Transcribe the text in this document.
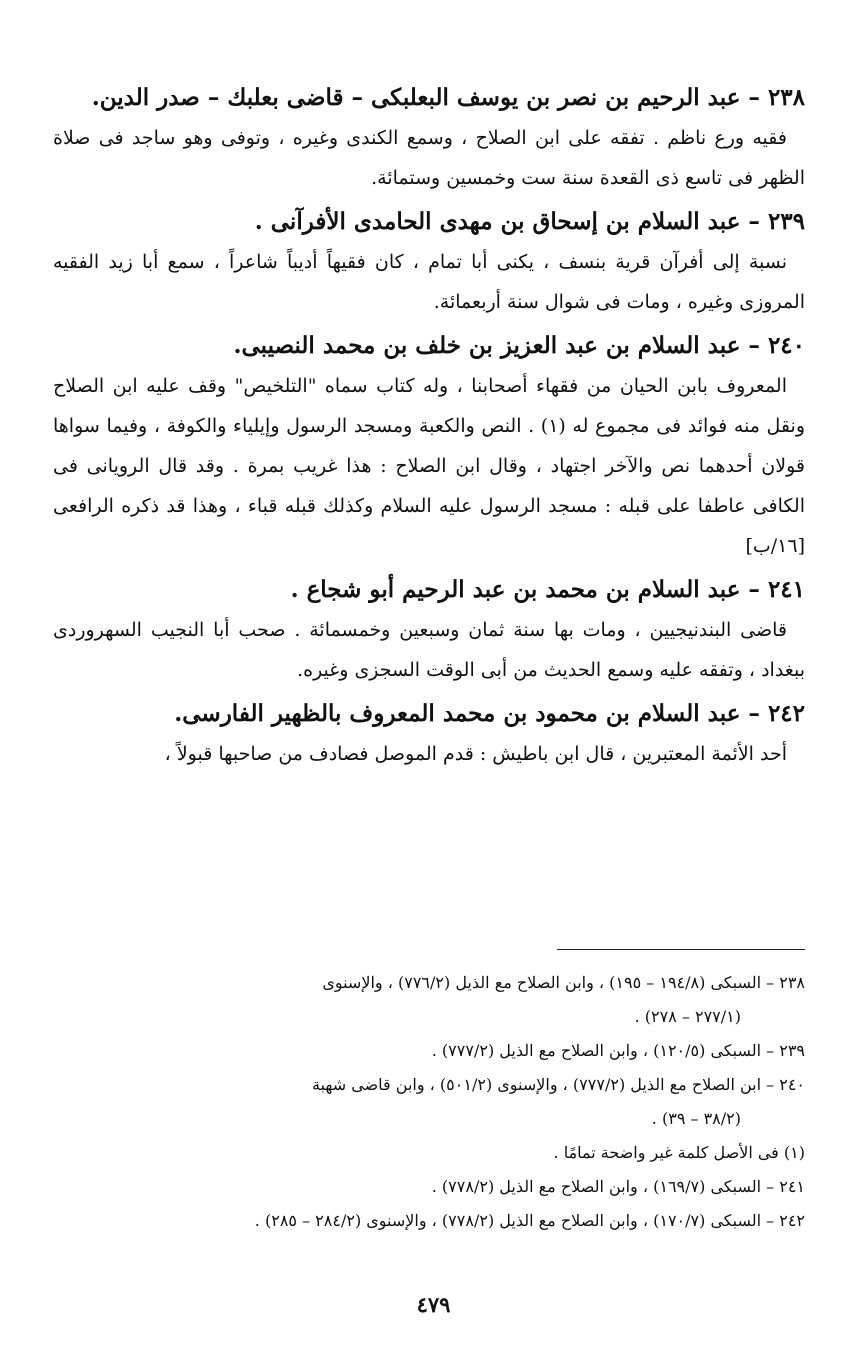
٢٣٨ – عبد الرحيم بن نصر بن يوسف البعلبكى – قاضى بعلبك – صدر الدين.

فقيه ورع ناظم . تفقه على ابن الصلاح ، وسمع الكندى وغيره ، وتوفى وهو ساجد فى صلاة الظهر فى تاسع ذى القعدة سنة ست وخمسين وستمائة.

٢٣٩ – عبد السلام بن إسحاق بن مهدى الحامدى الأفرآنى .

نسبة إلى أفرآن قرية بنسف ، يكنى أبا تمام ، كان فقيهاً أديباً شاعراً ، سمع أبا زيد الفقيه المروزى وغيره ، ومات فى شوال سنة أربعمائة.

٢٤٠ – عبد السلام بن عبد العزيز بن خلف بن محمد النصيبى.

المعروف بابن الحيان من فقهاء أصحابنا ، وله كتاب سماه "التلخيص" وقف عليه ابن الصلاح ونقل منه فوائد فى مجموع له (١) . النص والكعبة ومسجد الرسول وإيلياء والكوفة ، وفيما سواها قولان أحدهما نص والآخر اجتهاد ، وقال ابن الصلاح : هذا غريب بمرة . وقد قال الرويانى فى الكافى عاطفا على قبله : مسجد الرسول عليه السلام وكذلك قبله قباء ، وهذا قد ذكره الرافعى [١٦/ب]

٢٤١ – عبد السلام بن محمد بن عبد الرحيم أبو شجاع .

قاضى البندنيجيين ، ومات بها سنة ثمان وسبعين وخمسمائة . صحب أبا النجيب السهروردى ببغداد ، وتفقه عليه وسمع الحديث من أبى الوقت السجزى وغيره.

٢٤٢ – عبد السلام بن محمود بن محمد المعروف بالظهير الفارسى.

أحد الأئمة المعتبرين ، قال ابن باطيش : قدم الموصل فصادف من صاحبها قبولاً ،

٢٣٨ – السبكى (١٩٤/٨ – ١٩٥) ، وابن الصلاح مع الذيل (٧٧٦/٢) ، والإسنوى
(٢٧٧/١ – ٢٧٨) .

٢٣٩ – السبكى (١٢٠/٥) ، وابن الصلاح مع الذيل (٧٧٧/٢) .

٢٤٠ – ابن الصلاح مع الذيل (٧٧٧/٢) ، والإسنوى (٥٠١/٢) ، وابن قاضى شهبة
(٣٨/٢ – ٣٩) .

(١) فى الأصل كلمة غير واضحة تمامًا .

٢٤١ – السبكى (١٦٩/٧) ، وابن الصلاح مع الذيل (٧٧٨/٢) .

٢٤٢ – السبكى (١٧٠/٧) ، وابن الصلاح مع الذيل (٧٧٨/٢) ، والإسنوى (٢٨٤/٢ – ٢٨٥) .

٤٧٩
